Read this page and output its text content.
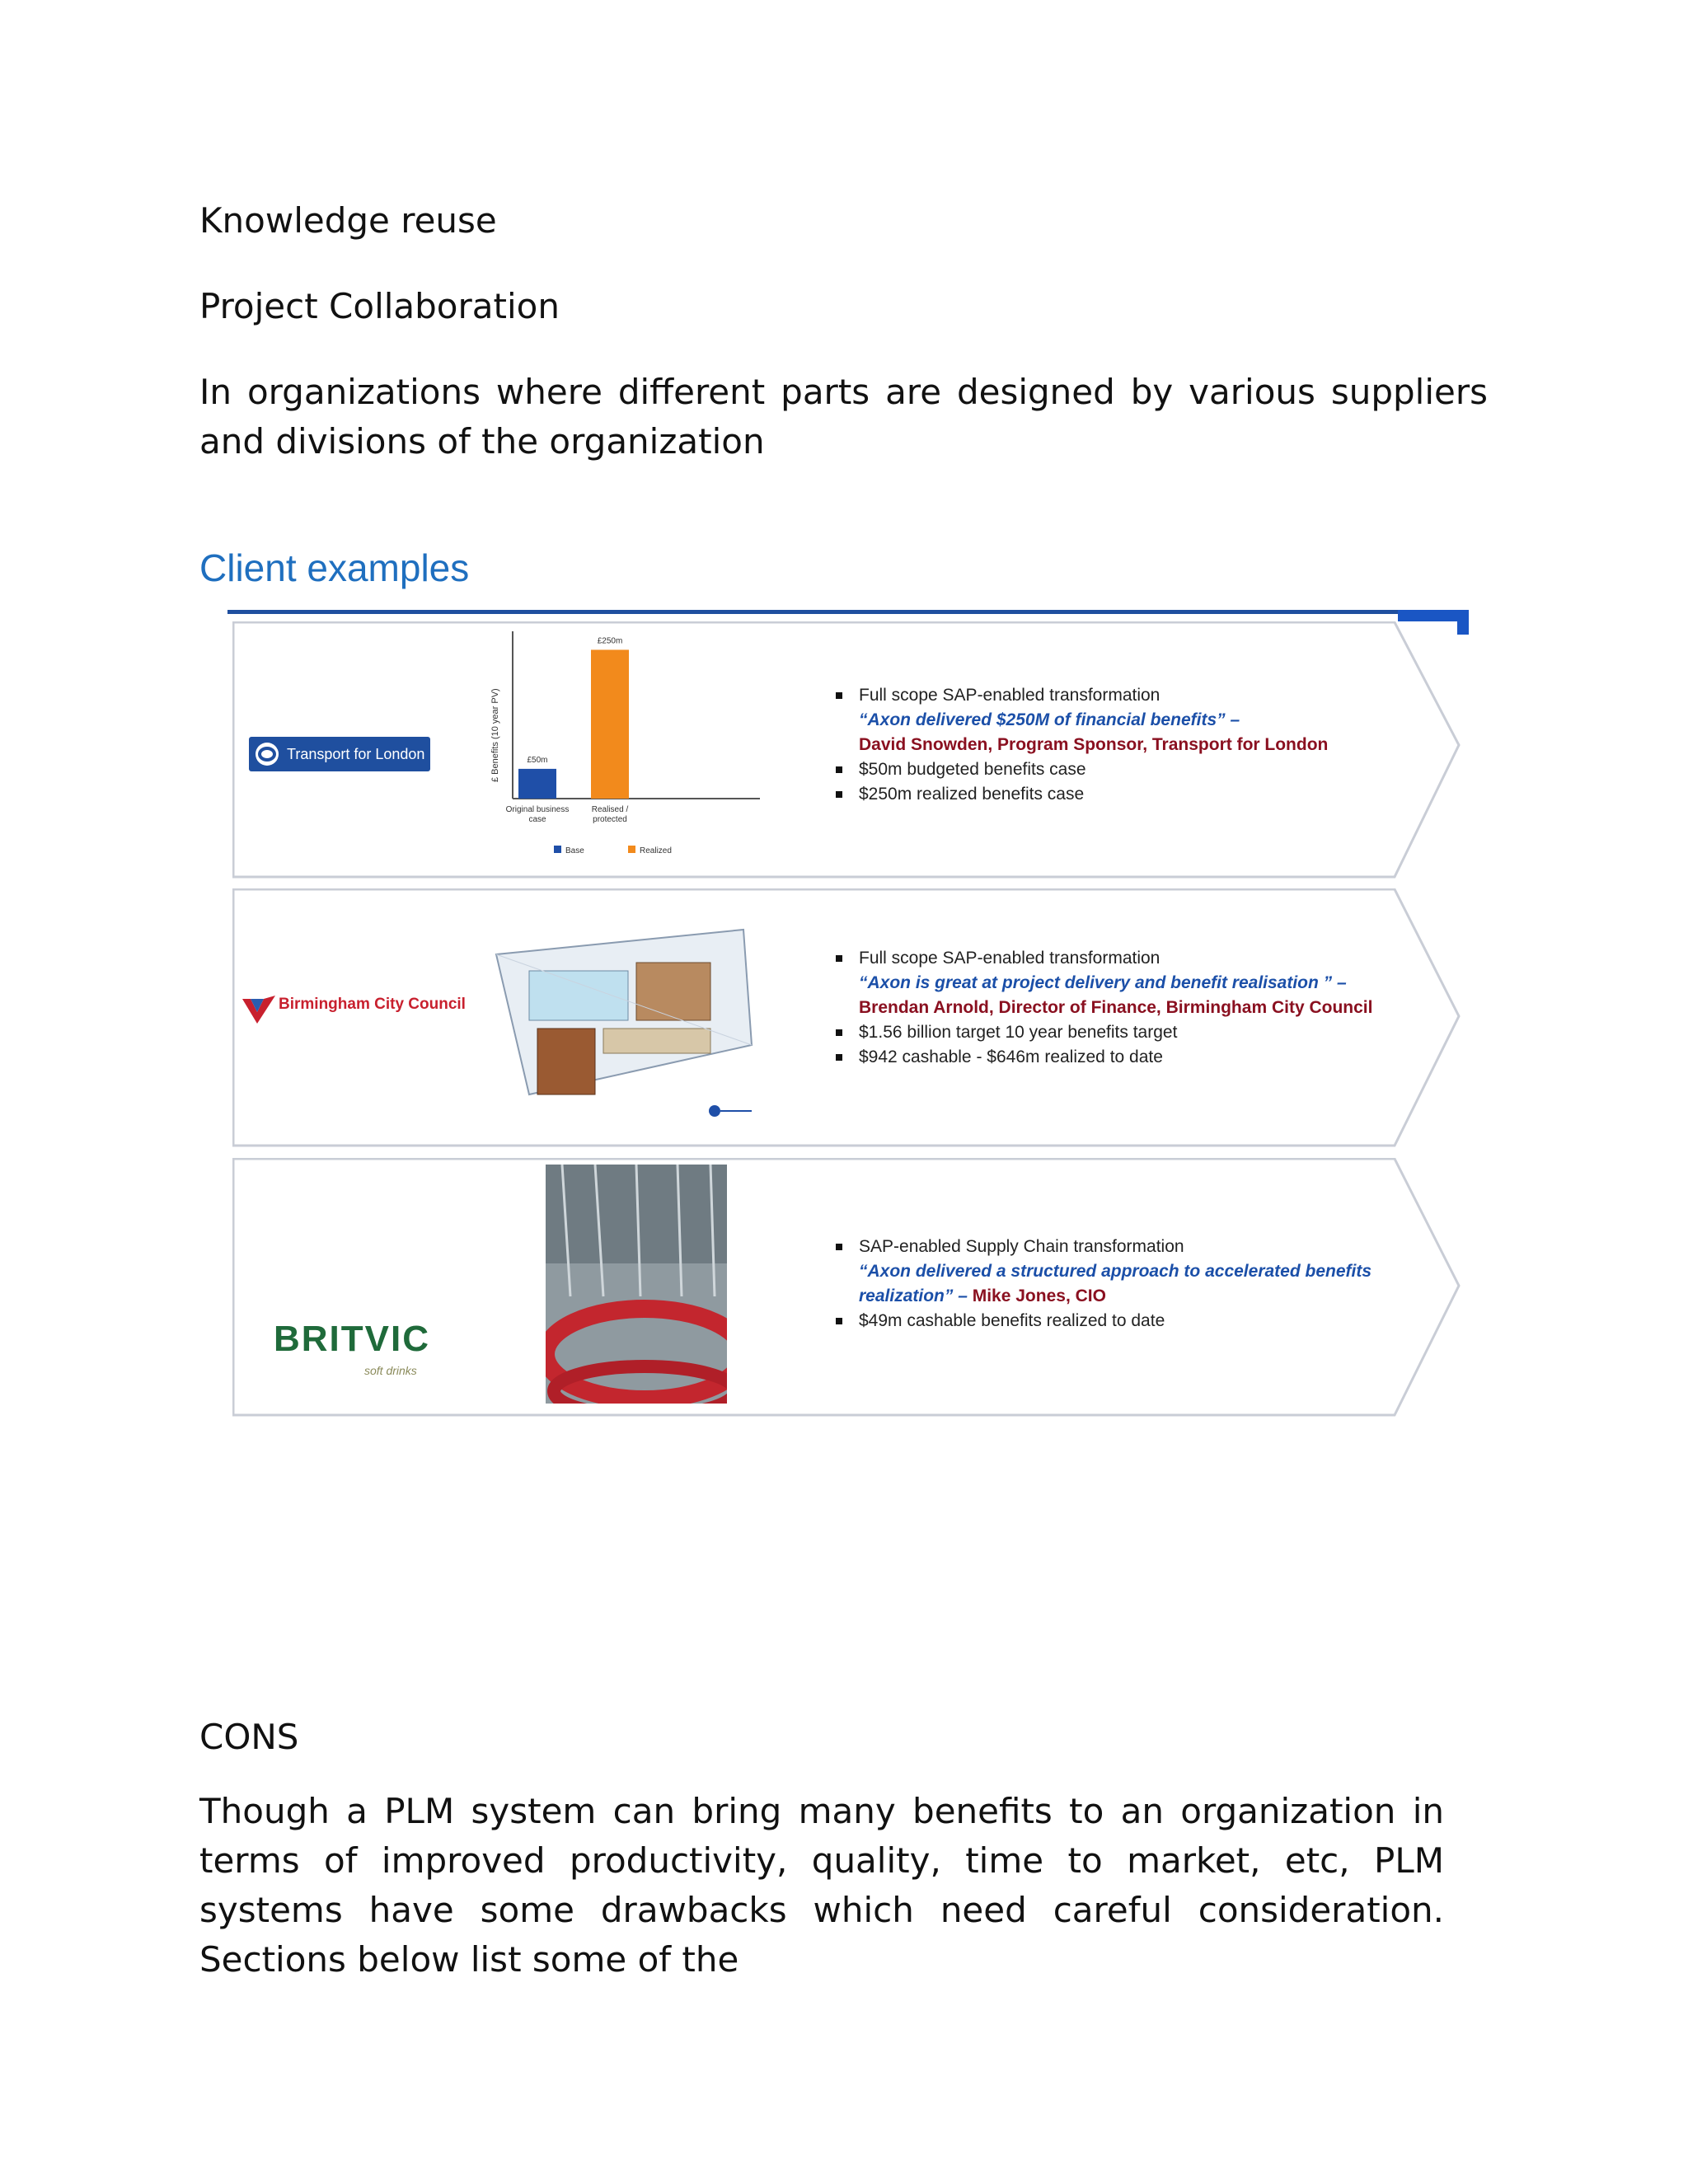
Knowledge reuse
Project Collaboration
In organizations where different parts are designed by various suppliers and divisions of the organization
Client examples
Transport for London	£ Benefits (10 year PV)	£50m
Original business
case
£250m
Realised /
protected
Base	Realized
Full scope SAP-enabled transformation
“Axon delivered $250M of financial benefits” –
David Snowden, Program Sponsor, Transport for London
$50m budgeted benefits case
$250m realized benefits case
Birmingham City Council
Full scope SAP-enabled transformation
“Axon is great at project delivery and benefit realisation ” –
Brendan Arnold, Director of Finance, Birmingham City Council
$1.56 billion target 10 year benefits target
$942 cashable - $646m realized to date
BRITVIC
soft drinks
SAP-enabled Supply Chain transformation
“Axon delivered a structured approach to accelerated benefits realization” – Mike Jones, CIO
$49m cashable benefits realized to date
CONS
Though a PLM system can bring many benefits to an organization in terms of improved productivity, quality, time to market, etc, PLM systems have some drawbacks which need careful consideration. Sections below list some of the
